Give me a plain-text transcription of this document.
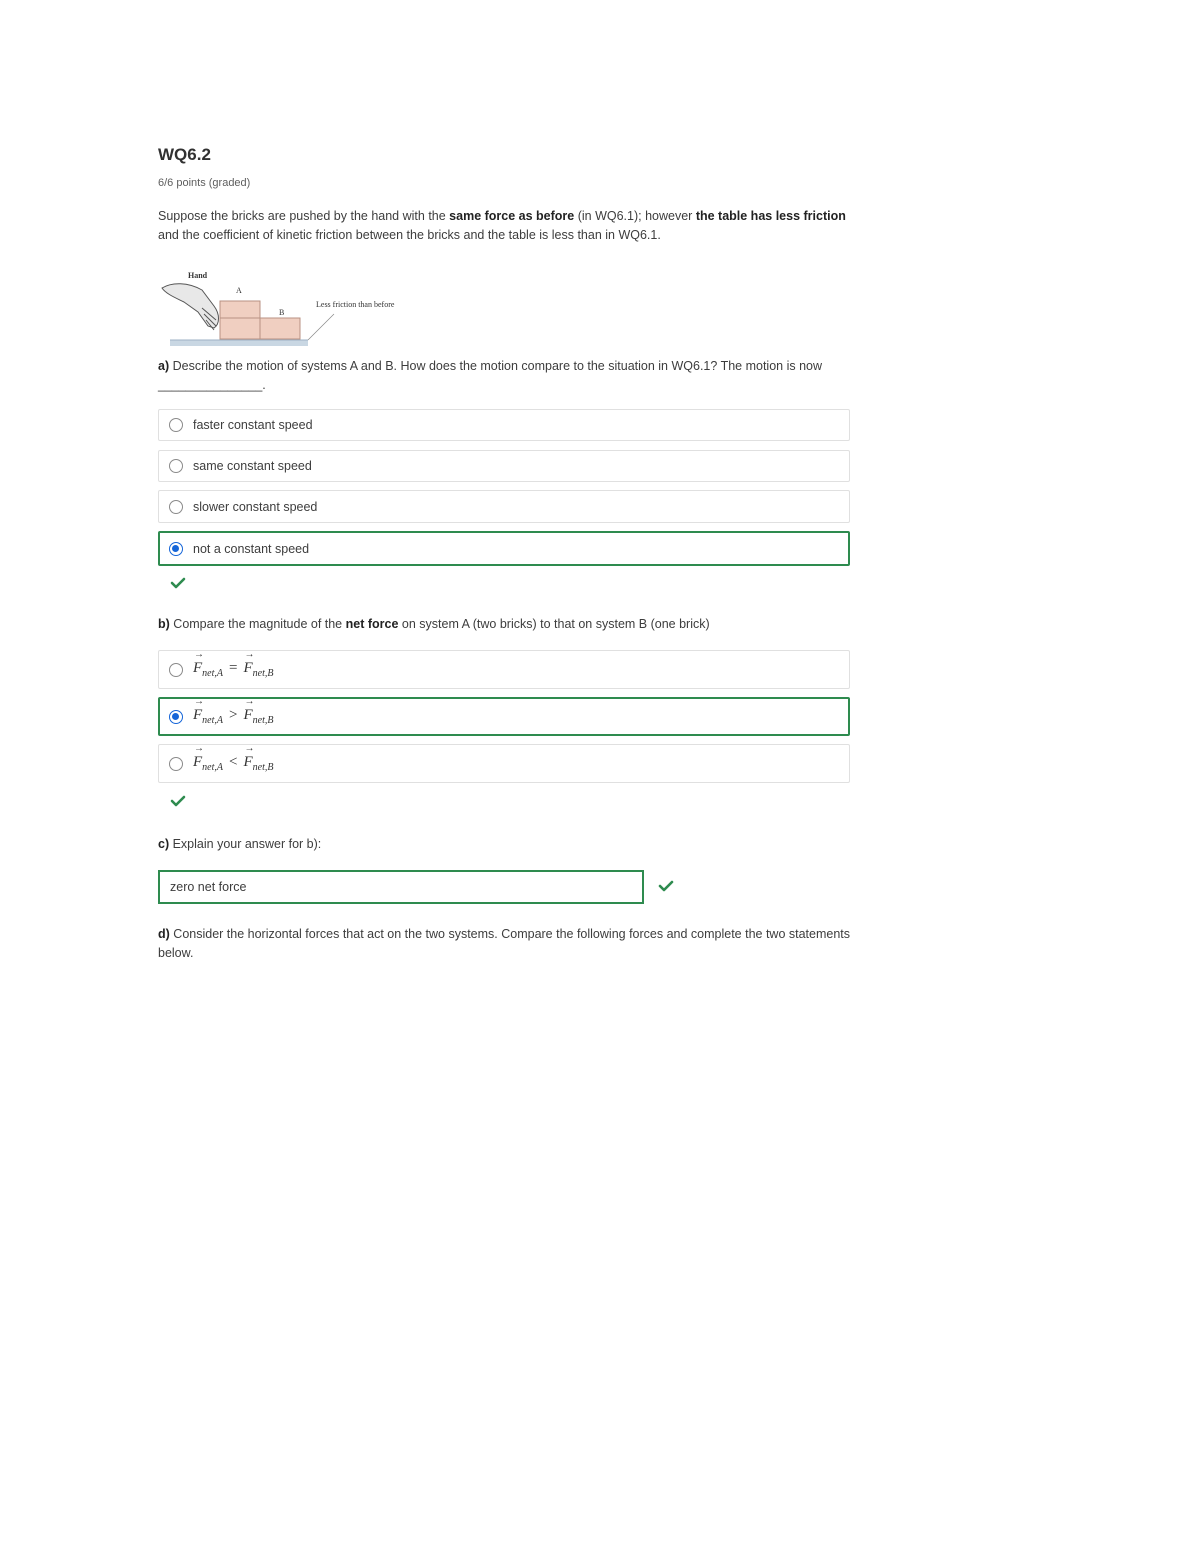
WQ6.2
6/6 points (graded)
Suppose the bricks are pushed by the hand with the same force as before (in WQ6.1); however the table has less friction and the coefficient of kinetic friction between the bricks and the table is less than in WQ6.1.
Hand
A
B
Less friction than before
a) Describe the motion of systems A and B. How does the motion compare to the situation in WQ6.1? The motion is now _______________.
faster constant speed
same constant speed
slower constant speed
not a constant speed
b) Compare the magnitude of the net force on system A (two bricks) to that on system B (one brick)
→ $F_{net,A} =\to F_{net,B}$
→ $F_{net,A} >\to F_{net,B}$
→ $F_{net,A} <\to F_{net,B}$
c) Explain your answer for b):
zero net force
d) Consider the horizontal forces that act on the two systems. Compare the following forces and complete the two statements below.
